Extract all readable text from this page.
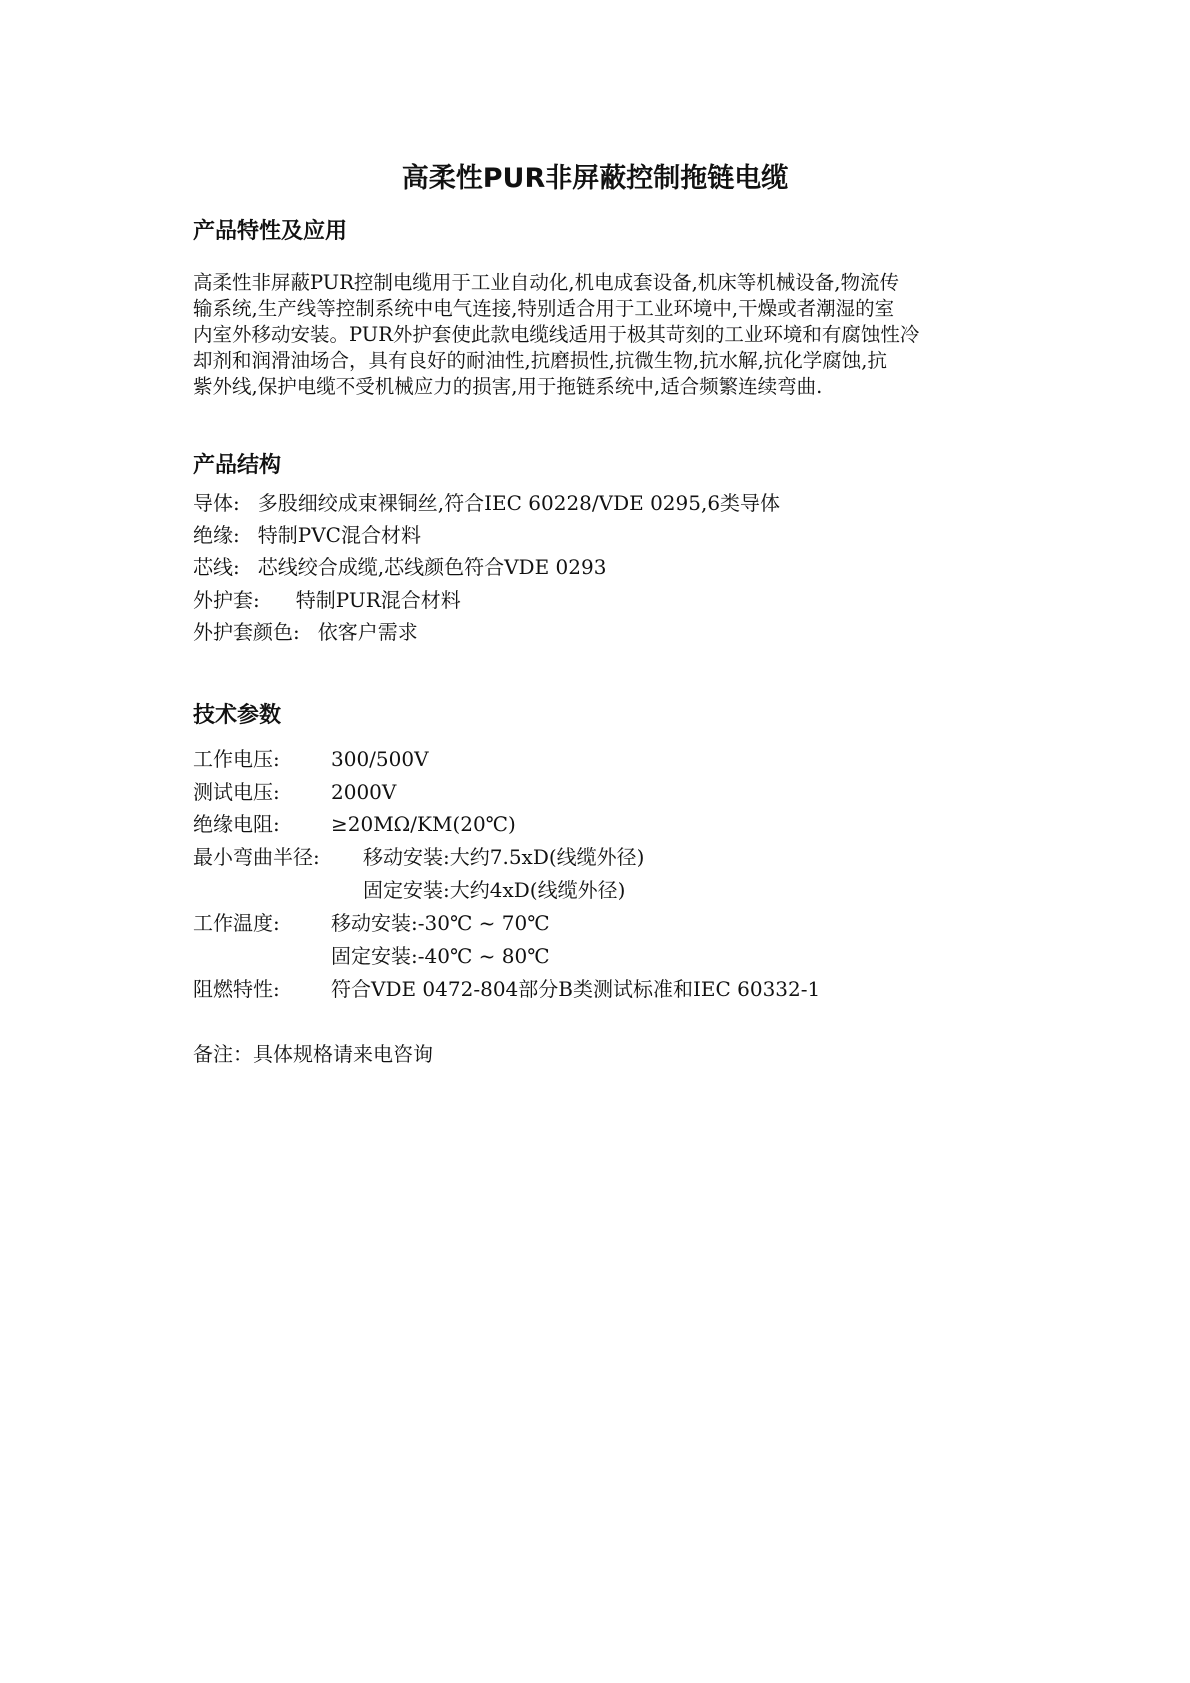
高柔性PUR非屏蔽控制拖链电缆
产品特性及应用
高柔性非屏蔽PUR控制电缆用于工业自动化,机电成套设备,机床等机械设备,物流传
输系统,生产线等控制系统中电气连接,特别适合用于工业环境中,干燥或者潮湿的室
内室外移动安装。PUR外护套使此款电缆线适用于极其苛刻的工业环境和有腐蚀性冷
却剂和润滑油场合，具有良好的耐油性,抗磨损性,抗微生物,抗水解,抗化学腐蚀,抗
紫外线,保护电缆不受机械应力的损害,用于拖链系统中,适合频繁连续弯曲.
产品结构
导体: 多股细绞成束裸铜丝,符合IEC 60228/VDE 0295,6类导体
绝缘: 特制PVC混合材料
芯线: 芯线绞合成缆,芯线颜色符合VDE 0293
外护套: 特制PUR混合材料
外护套颜色: 依客户需求
技术参数
工作电压:	300/500V
测试电压:	2000V
绝缘电阻:	≥20MΩ/KM(20℃)
最小弯曲半径: 移动安装:大约7.5xD(线缆外径)
固定安装:大约4xD(线缆外径)
工作温度:	移动安装:-30℃ ~ 70℃
固定安装:-40℃ ~ 80℃
阻燃特性:	符合VDE 0472-804部分B类测试标准和IEC 60332-1

备注：具体规格请来电咨询
